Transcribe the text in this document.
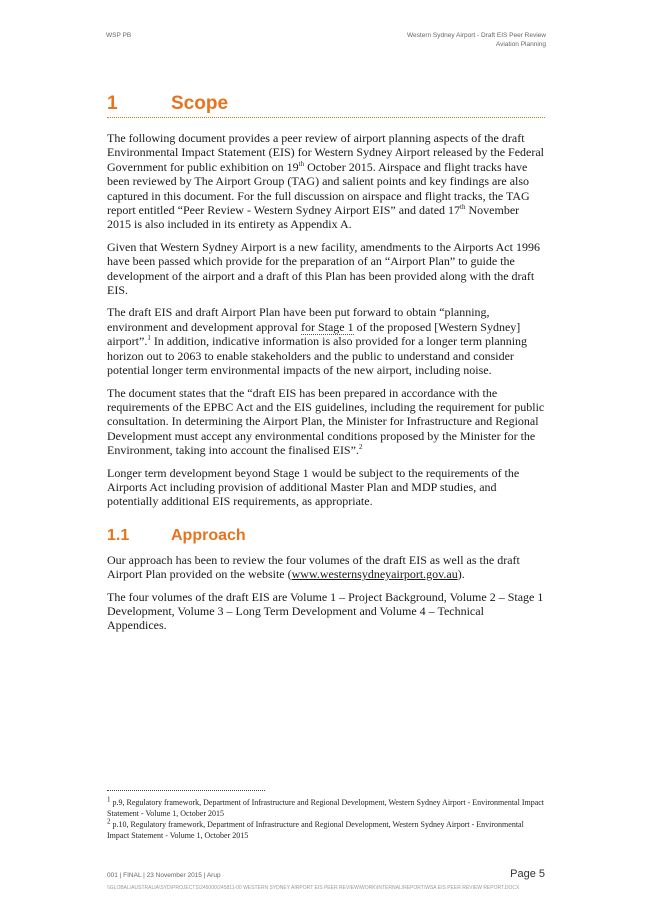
WSP PB	Western Sydney Airport - Draft EIS Peer Review
Aviation Planning
1	Scope

The following document provides a peer review of airport planning aspects of the draft Environmental Impact Statement (EIS) for Western Sydney Airport released by the Federal Government for public exhibition on 19th October 2015. Airspace and flight tracks have been reviewed by The Airport Group (TAG) and salient points and key findings are also captured in this document. For the full discussion on airspace and flight tracks, the TAG report entitled “Peer Review - Western Sydney Airport EIS” and dated 17th November 2015 is also included in its entirety as Appendix A.

Given that Western Sydney Airport is a new facility, amendments to the Airports Act 1996 have been passed which provide for the preparation of an “Airport Plan” to guide the development of the airport and a draft of this Plan has been provided along with the draft EIS.

The draft EIS and draft Airport Plan have been put forward to obtain “planning, environment and development approval for Stage 1 of the proposed [Western Sydney] airport”.$^1$ In addition, indicative information is also provided for a longer term planning horizon out to 2063 to enable stakeholders and the public to understand and consider potential longer term environmental impacts of the new airport, including noise.

The document states that the “draft EIS has been prepared in accordance with the requirements of the EPBC Act and the EIS guidelines, including the requirement for public consultation. In determining the Airport Plan, the Minister for Infrastructure and Regional Development must accept any environmental conditions proposed by the Minister for the Environment, taking into account the finalised EIS”.$^2$

Longer term development beyond Stage 1 would be subject to the requirements of the Airports Act including provision of additional Master Plan and MDP studies, and potentially additional EIS requirements, as appropriate.

1.1	Approach

Our approach has been to review the four volumes of the draft EIS as well as the draft Airport Plan provided on the website (www.westernsydneyairport.gov.au).

The four volumes of the draft EIS are Volume 1 – Project Background, Volume 2 – Stage 1 Development, Volume 3 – Long Term Development and Volume 4 – Technical Appendices.

$^1$ p.9, Regulatory framework, Department of Infrastructure and Regional Development, Western Sydney Airport - Environmental Impact Statement - Volume 1, October 2015
$^2$ p.10, Regulatory framework, Department of Infrastructure and Regional Development, Western Sydney Airport - Environmental Impact Statement - Volume 1, October 2015
001 | FINAL | 23 November 2015 | Arup	Page 5
\\GLOBAL\AUSTRALIA\SYD\PROJECTS\245000\245811-00 WESTERN SYDNEY AIRPORT EIS PEER REVIEW\WORK\INTERNAL\REPORT\WSA EIS PEER REVIEW REPORT.DOCX
